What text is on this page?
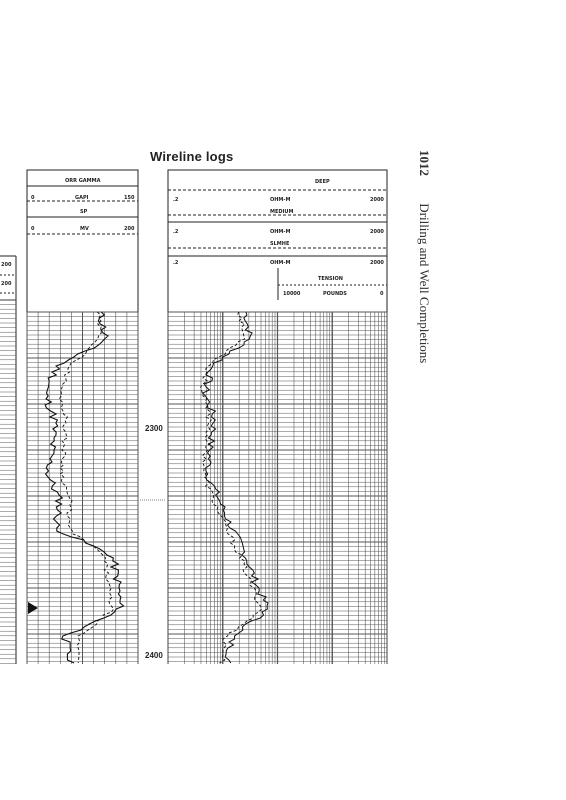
Wireline logs	1012 Drilling and Well Completions
200
200
ORR GAMMA
0	GAPI	150
SP
0	MV	200
2300
2400
DEEP
.2	OHM-M	2000
MEDIUM
.2	OHM-M	2000
SLMHE
.2	OHM-M	2000
TENSION
10000	POUNDS	0
